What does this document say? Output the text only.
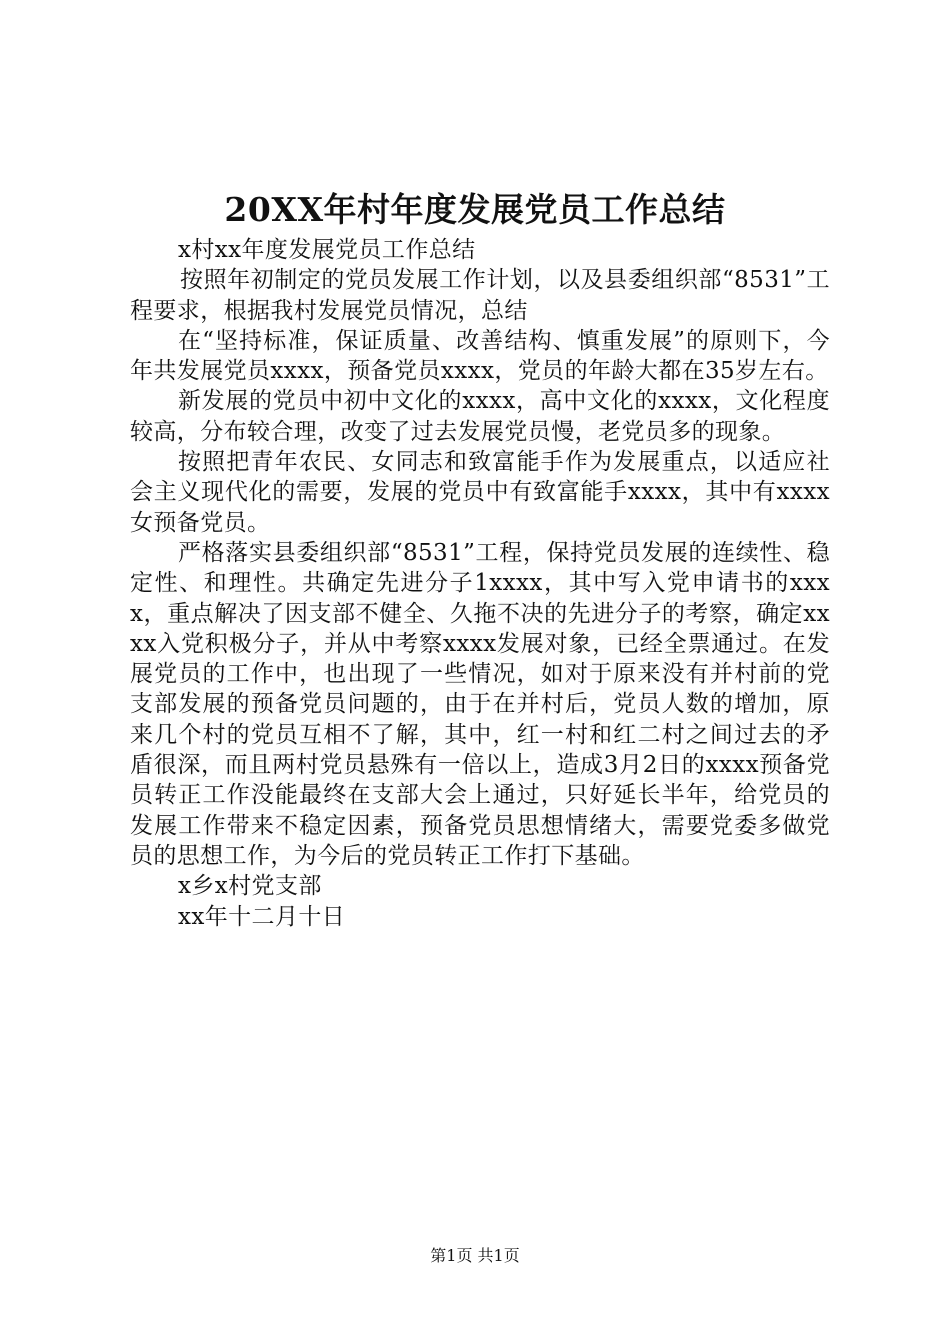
20XX年村年度发展党员工作总结

x村xx年度发展党员工作总结

按照年初制定的党员发展工作计划，以及县委组织部“8531”工程要求，根据我村发展党员情况，总结

在“坚持标准，保证质量、改善结构、慎重发展”的原则下，今年共发展党员xxxx，预备党员xxxx，党员的年龄大都在35岁左右。

新发展的党员中初中文化的xxxx，高中文化的xxxx，文化程度较高，分布较合理，改变了过去发展党员慢，老党员多的现象。

按照把青年农民、女同志和致富能手作为发展重点，以适应社会主义现代化的需要，发展的党员中有致富能手xxxx，其中有xxxx女预备党员。

严格落实县委组织部“8531”工程，保持党员发展的连续性、稳定性、和理性。共确定先进分子1xxxx，其中写入党申请书的xxxx，重点解决了因支部不健全、久拖不决的先进分子的考察，确定xxxx入党积极分子，并从中考察xxxx发展对象，已经全票通过。在发展党员的工作中，也出现了一些情况，如对于原来没有并村前的党支部发展的预备党员问题的，由于在并村后，党员人数的增加，原来几个村的党员互相不了解，其中，红一村和红二村之间过去的矛盾很深，而且两村党员悬殊有一倍以上，造成3月2日的xxxx预备党员转正工作没能最终在支部大会上通过，只好延长半年，给党员的发展工作带来不稳定因素，预备党员思想情绪大，需要党委多做党员的思想工作，为今后的党员转正工作打下基础。

x乡x村党支部

xx年十二月十日

第1页 共1页
